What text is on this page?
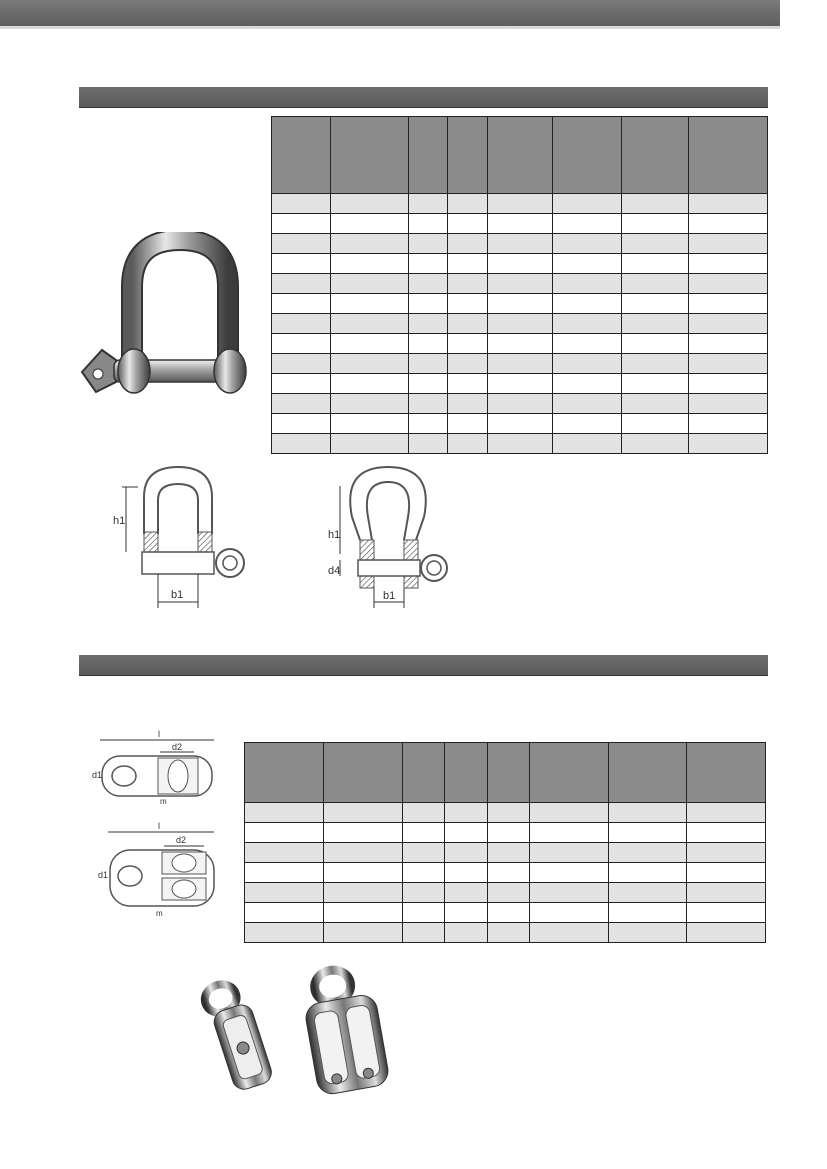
h1
b1
h1
d4
b1
l
d2
d1
m
l
d2
d1
m
